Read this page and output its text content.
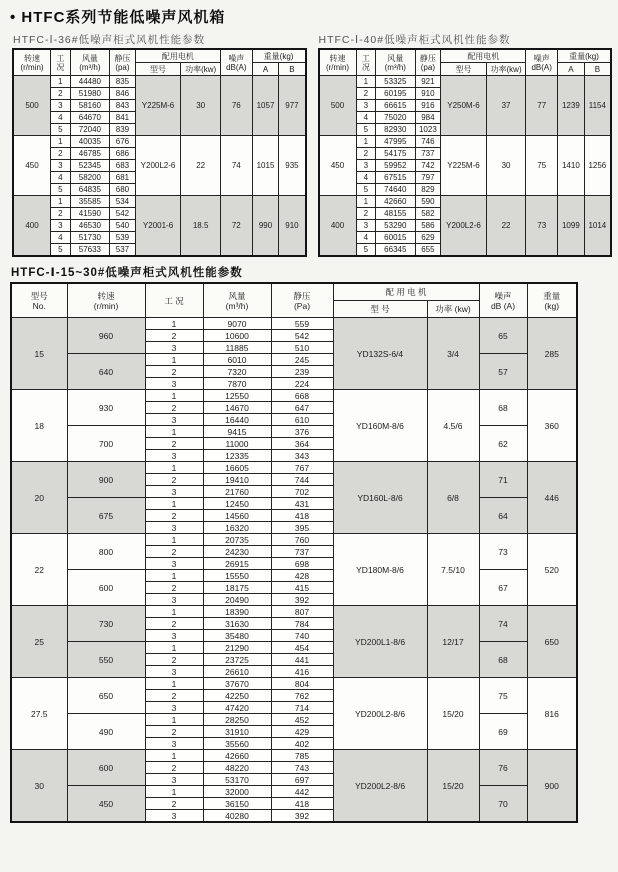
• HTFC系列节能低噪声风机箱
HTFC-Ⅰ-36#低噪声柜式风机性能参数
转速
(r/min)	工
况	风量
(m³/h)	静压
(pa)	配用电机		噪声
dB(A)	重量(kg)	
				型号	功率(kw)		A	B
500	1	44480	835	Y225M-6	30	76	1057	977
	2	51980	846					
	3	58160	843					
	4	64670	841					
	5	72040	839					
450	1	40035	676	Y200L2-6	22	74	1015	935
	2	46785	686					
	3	52345	683					
	4	58200	681					
	5	64835	680					
400	1	35585	534	Y2001-6	18.5	72	990	910
	2	41590	542					
	3	46530	540					
	4	51730	539					
	5	57633	537					
HTFC-Ⅰ-40#低噪声柜式风机性能参数
转速
(r/min)	工
况	风量
(m³/h)	静压
(pa)	配用电机		噪声
dB(A)	重量(kg)	
				型号	功率(kw)		A	B
500	1	53325	921	Y250M-6	37	77	1239	1154
	2	60195	910					
	3	66615	916					
	4	75020	984					
	5	82930	1023					
450	1	47995	746	Y225M-6	30	75	1410	1256
	2	54175	737					
	3	59952	742					
	4	67515	797					
	5	74640	829					
400	1	42660	590	Y200L2-6	22	73	1099	1014
	2	48155	582					
	3	53290	586					
	4	60015	629					
	5	66345	655					
HTFC-Ⅰ-15~30#低噪声柜式风机性能参数
型号
No.	转速
(r/min)	工 况	风量
(m³/h)	静压
(Pa)	配 用 电 机		噪声
dB (A)	重量
(kg)
					型 号	功率 (kw)		
15	960	1	9070	559	YD132S-6/4	3/4	65	285
		2	10600	542				
		3	11885	510				
	640	1	6010	245			57	
		2	7320	239				
		3	7870	224				
18	930	1	12550	668	YD160M-8/6	4.5/6	68	360
		2	14670	647				
		3	16440	610				
	700	1	9415	376			62	
		2	11000	364				
		3	12335	343				
20	900	1	16605	767	YD160L-8/6	6/8	71	446
		2	19410	744				
		3	21760	702				
	675	1	12450	431			64	
		2	14560	418				
		3	16320	395				
22	800	1	20735	760	YD180M-8/6	7.5/10	73	520
		2	24230	737				
		3	26915	698				
	600	1	15550	428			67	
		2	18175	415				
		3	20490	392				
25	730	1	18390	807	YD200L1-8/6	12/17	74	650
		2	31630	784				
		3	35480	740				
	550	1	21290	454			68	
		2	23725	441				
		3	26610	416				
27.5	650	1	37670	804	YD200L2-8/6	15/20	75	816
		2	42250	762				
		3	47420	714				
	490	1	28250	452			69	
		2	31910	429				
		3	35560	402				
30	600	1	42660	785	YD200L2-8/6	15/20	76	900
		2	48220	743				
		3	53170	697				
	450	1	32000	442			70	
		2	36150	418				
		3	40280	392				
